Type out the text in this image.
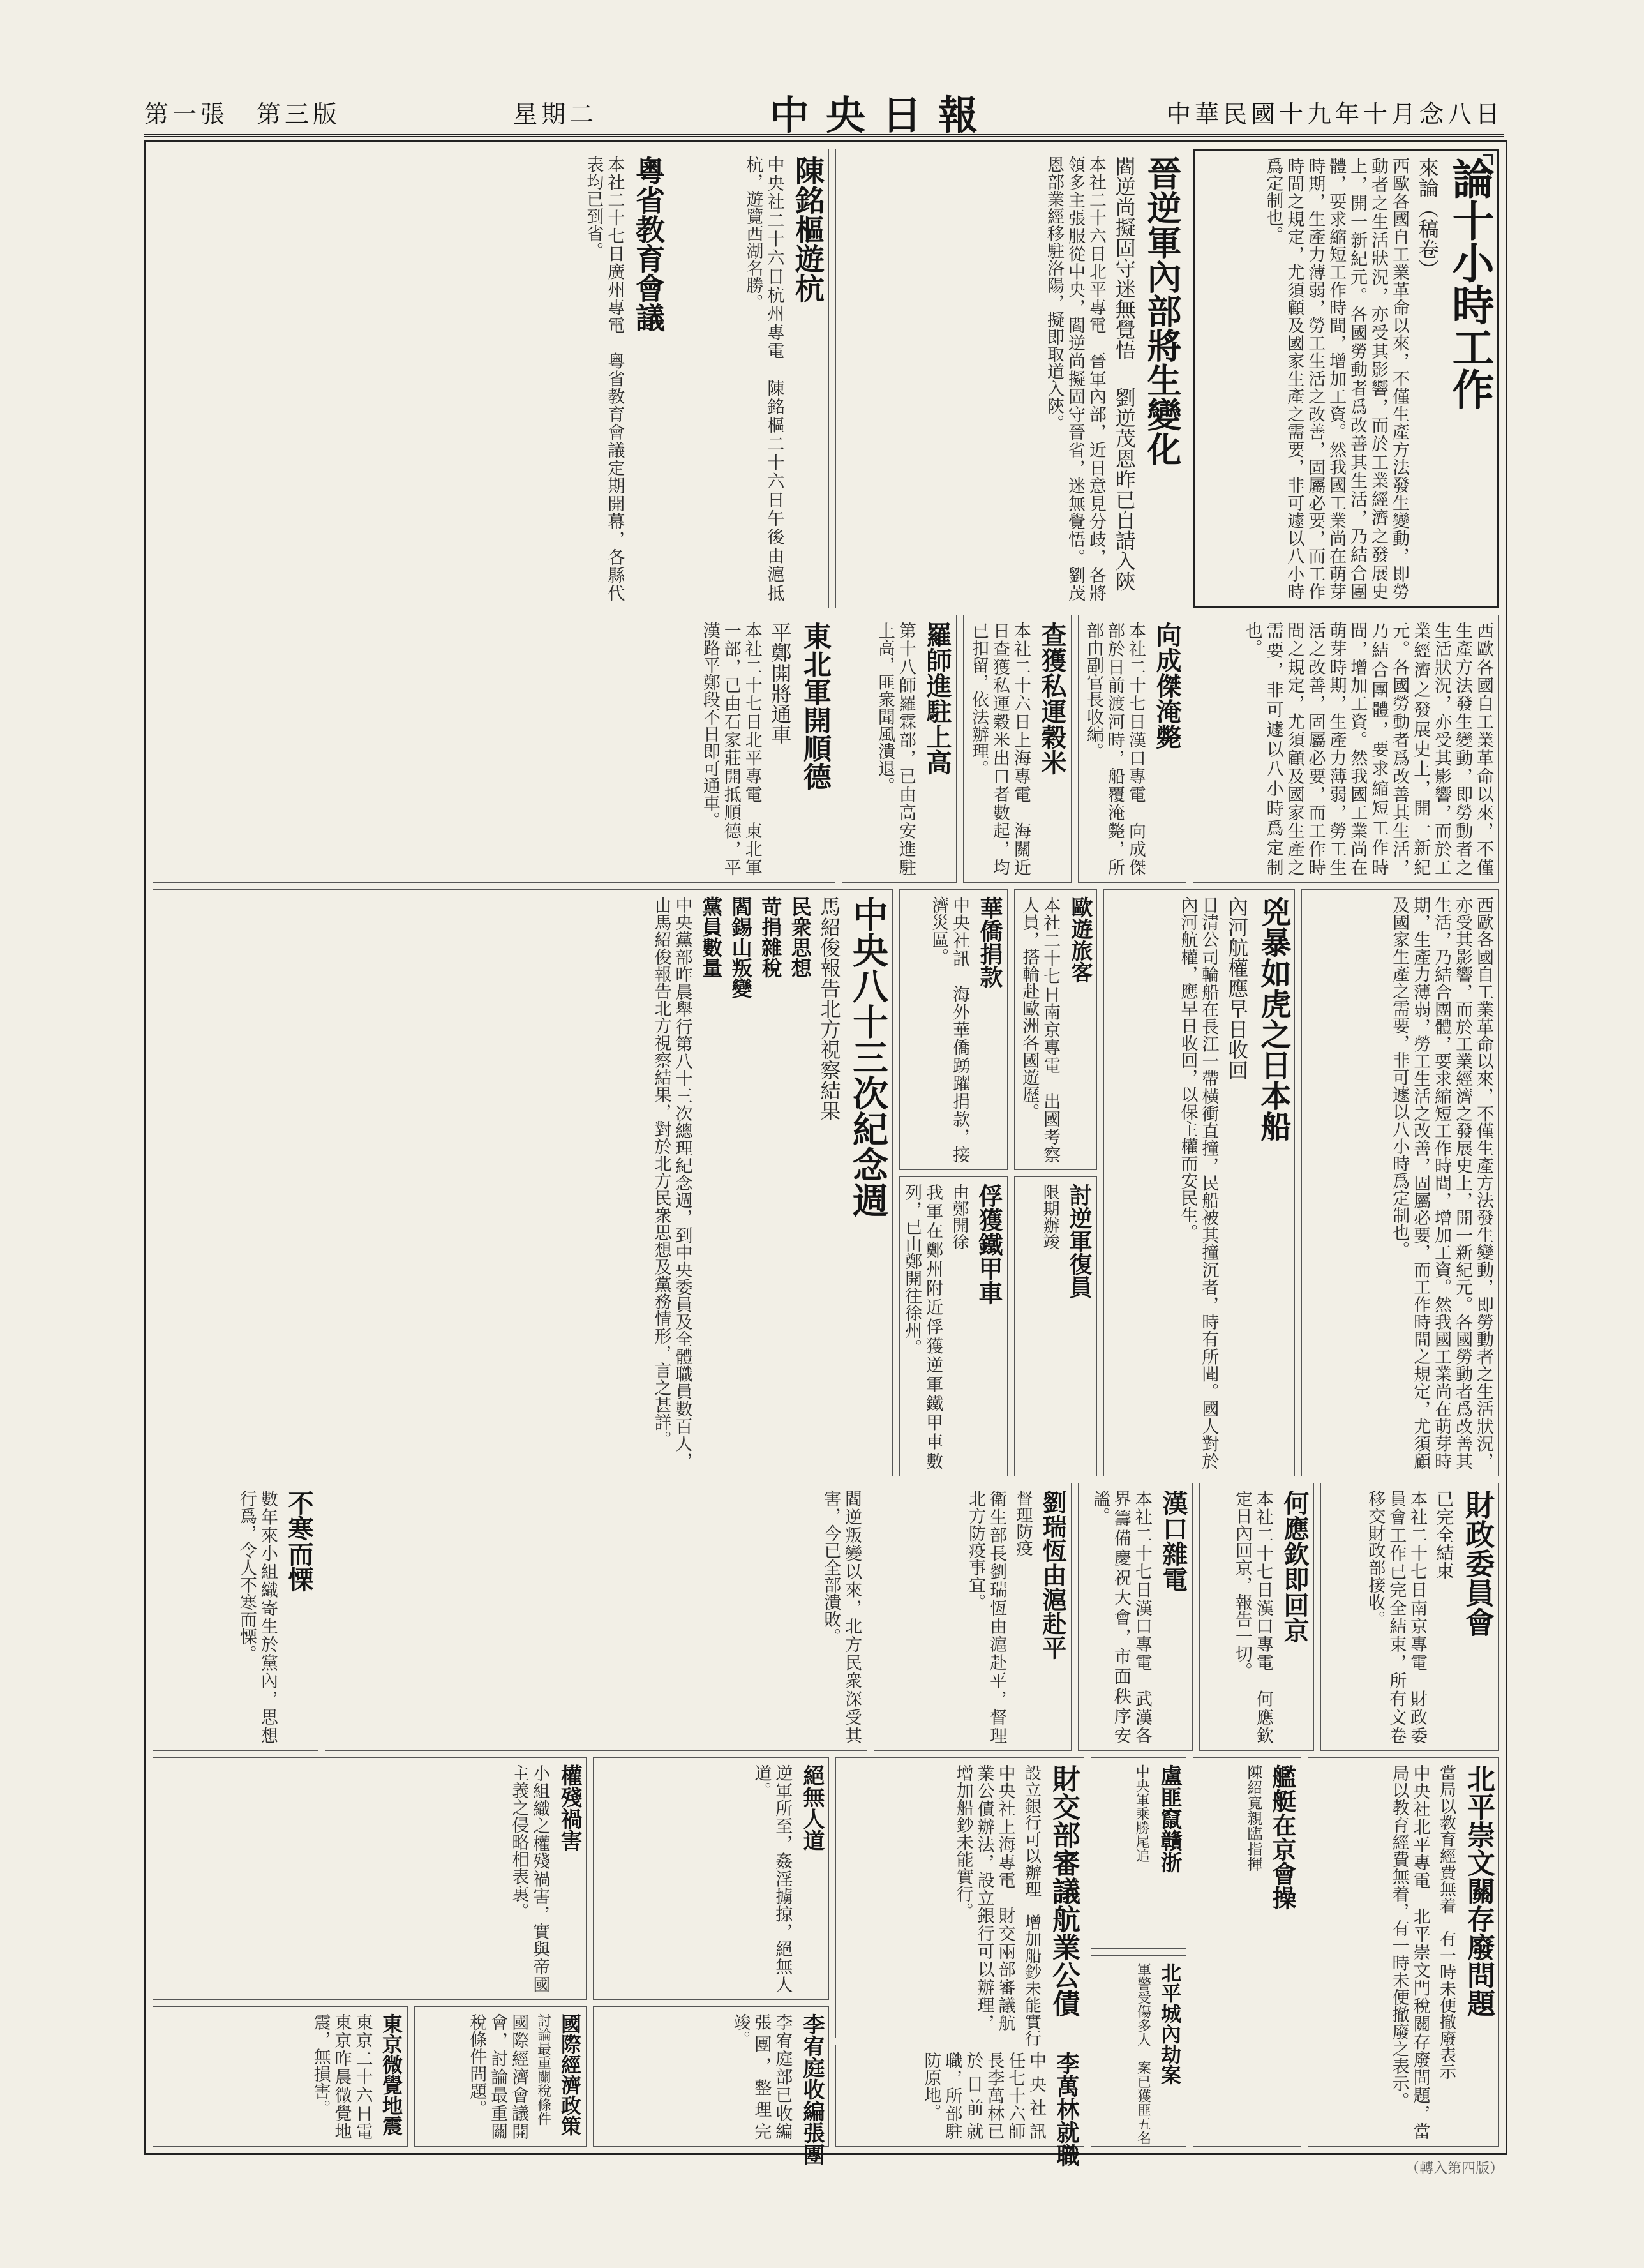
中華民國十九年十月念八日
中央日報
星期二
第一張　第三版
論十小時工作
來論（稿卷）
西歐各國自工業革命以來，不僅生產方法發生變動，即勞動者之生活狀況，亦受其影響，而於工業經濟之發展史上，開一新紀元。各國勞動者爲改善其生活，乃結合團體，要求縮短工作時間，增加工資。然我國工業尚在萌芽時期，生產力薄弱，勞工生活之改善，固屬必要，而工作時間之規定，尤須顧及國家生產之需要，非可遽以八小時爲定制也。
晉逆軍內部將生變化
閻逆尚擬固守迷無覺悟 　劉逆茂恩昨已自請入陝
本社二十六日北平專電　晉軍內部，近日意見分歧，各將領多主張服從中央，閻逆尚擬固守晉省，迷無覺悟。劉茂恩部業經移駐洛陽，擬即取道入陝。
陳銘樞遊杭
中央社二十六日杭州專電　陳銘樞二十六日午後由滬抵杭，遊覽西湖名勝。
粵省教育會議
本社二十七日廣州專電　粵省教育會議定期開幕，各縣代表均已到省。
向成傑淹斃
本社二十七日漢口專電　向成傑部於日前渡河時，船覆淹斃，所部由副官長收編。
查獲私運穀米
本社二十六日上海專電　海關近日查獲私運穀米出口者數起，均已扣留，依法辦理。
羅師進駐上高
第十八師羅霖部，已由高安進駐上高，匪衆聞風潰退。
東北軍開順德
平鄭開將通車
本社二十七日北平專電　東北軍一部，已由石家莊開抵順德，平漢路平鄭段不日即可通車。	西歐各國自工業革命以來，不僅生產方法發生變動，即勞動者之生活狀況，亦受其影響，而於工業經濟之發展史上，開一新紀元。各國勞動者爲改善其生活，乃結合團體，要求縮短工作時間，增加工資。然我國工業尚在萌芽時期，生產力薄弱，勞工生活之改善，固屬必要，而工作時間之規定，尤須顧及國家生產之需要，非可遽以八小時爲定制也。
兇暴如虎之日本船
內河航權應早日收回
日清公司輪船在長江一帶橫衝直撞，民船被其撞沉者，時有所聞。國人對於內河航權，應早日收回，以保主權而安民生。
討逆軍復員
限期辦竣
歐遊旅客
本社二十七日南京專電　出國考察人員，搭輪赴歐洲各國遊歷。
華僑捐款
中央社訊　海外華僑踴躍捐款，接濟災區。
俘獲鐵甲車
由鄭開徐
我軍在鄭州附近俘獲逆軍鐵甲車數列，已由鄭開往徐州。
中央八十三次紀念週
馬紹俊報告北方視察結果
民衆思想
苛捐雜稅
閻錫山叛變
黨員數量
中央黨部昨晨舉行第八十三次總理紀念週，到中央委員及全體職員數百人，由馬紹俊報告北方視察結果，對於北方民衆思想及黨務情形，言之甚詳。	西歐各國自工業革命以來，不僅生產方法發生變動，即勞動者之生活狀況，亦受其影響，而於工業經濟之發展史上，開一新紀元。各國勞動者爲改善其生活，乃結合團體，要求縮短工作時間，增加工資。然我國工業尚在萌芽時期，生產力薄弱，勞工生活之改善，固屬必要，而工作時間之規定，尤須顧及國家生產之需要，非可遽以八小時爲定制也。
財政委員會
已完全結束
本社二十七日南京專電　財政委員會工作已完全結束，所有文卷移交財政部接收。
何應欽即回京
本社二十七日漢口專電　何應欽定日內回京，報告一切。
漢口雜電
本社二十七日漢口專電　武漢各界籌備慶祝大會，市面秩序安謐。
劉瑞恆由滬赴平
督理防疫
衛生部長劉瑞恆由滬赴平，督理北方防疫事宜。
閻逆叛變以來，北方民衆深受其害，今已全部潰敗。
不寒而慄
數年來小組織寄生於黨內，思想行爲，令人不寒而慄。
北平崇文關存廢問題
當局以教育經費無着　有一時未便撤廢表示
中央社北平專電　北平崇文門稅關存廢問題，當局以教育經費無着，有一時未便撤廢之表示。
艦艇在京會操
陳紹寬親臨指揮
盧匪竄贛浙
中央軍乘勝尾追
北平城內劫案
軍警受傷多人　案已獲匪五名
財交部審議航業公債
設立銀行可以辦理　增加船鈔未能實行
中央社上海專電　財交兩部審議航業公債辦法，設立銀行可以辦理，增加船鈔未能實行。
李萬林就職
中央社訊　任七十六師長李萬林已於日前就職，所部駐防原地。
絕無人道
逆軍所至，姦淫擄掠，絕無人道。
李宥庭收編張團
李宥庭部已收編張團，整理完竣。
國際經濟政策
討論最重關稅條件
國際經濟會議開會，討論最重關稅條件問題。
東京微覺地震
東京二十六日電　東京昨晨微覺地震，無損害。
權殘禍害
小組織之權殘禍害，實與帝國主義之侵略相表裏。
（轉入第四版）
